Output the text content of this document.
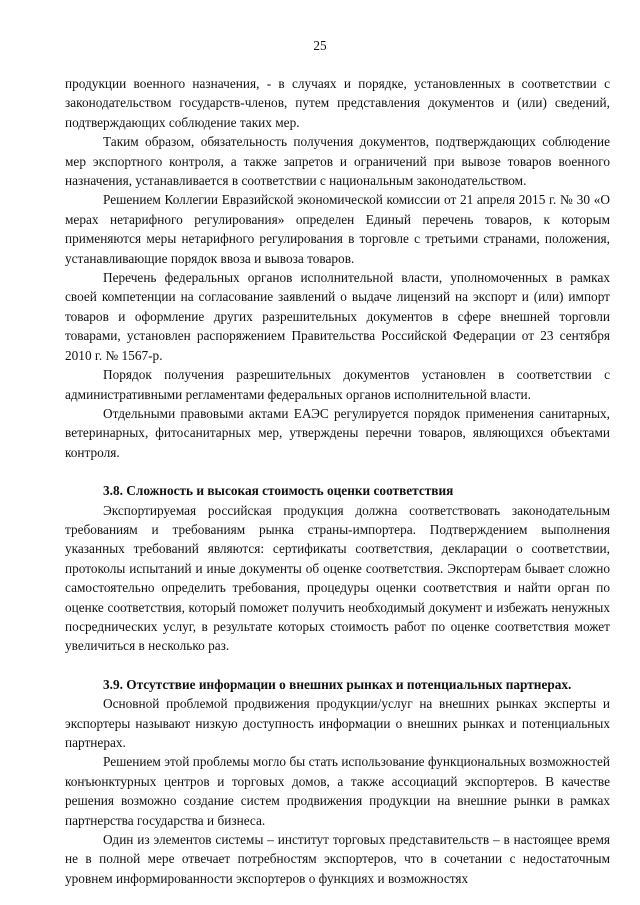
25

продукции военного назначения, - в случаях и порядке, установленных в соответствии с законодательством государств-членов, путем представления документов и (или) сведений, подтверждающих соблюдение таких мер.

Таким образом, обязательность получения документов, подтверждающих соблюдение мер экспортного контроля, а также запретов и ограничений при вывозе товаров военного назначения, устанавливается в соответствии с национальным законодательством.

Решением Коллегии Евразийской экономической комиссии от 21 апреля 2015 г. № 30 «О мерах нетарифного регулирования» определен Единый перечень товаров, к которым применяются меры нетарифного регулирования в торговле с третьими странами, положения, устанавливающие порядок ввоза и вывоза товаров.

Перечень федеральных органов исполнительной власти, уполномоченных в рамках своей компетенции на согласование заявлений о выдаче лицензий на экспорт и (или) импорт товаров и оформление других разрешительных документов в сфере внешней торговли товарами, установлен распоряжением Правительства Российской Федерации от 23 сентября 2010 г. № 1567-р.

Порядок получения разрешительных документов установлен в соответствии с административными регламентами федеральных органов исполнительной власти.

Отдельными правовыми актами ЕАЭС регулируется порядок применения санитарных, ветеринарных, фитосанитарных мер, утверждены перечни товаров, являющихся объектами контроля.

3.8. Сложность и высокая стоимость оценки соответствия

Экспортируемая российская продукция должна соответствовать законодательным требованиям и требованиям рынка страны-импортера. Подтверждением выполнения указанных требований являются: сертификаты соответствия, декларации о соответствии, протоколы испытаний и иные документы об оценке соответствия. Экспортерам бывает сложно самостоятельно определить требования, процедуры оценки соответствия и найти орган по оценке соответствия, который поможет получить необходимый документ и избежать ненужных посреднических услуг, в результате которых стоимость работ по оценке соответствия может увеличиться в несколько раз.

3.9. Отсутствие информации о внешних рынках и потенциальных партнерах.

Основной проблемой продвижения продукции/услуг на внешних рынках эксперты и экспортеры называют низкую доступность информации о внешних рынках и потенциальных партнерах.

Решением этой проблемы могло бы стать использование функциональных возможностей конъюнктурных центров и торговых домов, а также ассоциаций экспортеров. В качестве решения возможно создание систем продвижения продукции на внешние рынки в рамках партнерства государства и бизнеса.

Один из элементов системы – институт торговых представительств – в настоящее время не в полной мере отвечает потребностям экспортеров, что в сочетании с недостаточным уровнем информированности экспортеров о функциях и возможностях
